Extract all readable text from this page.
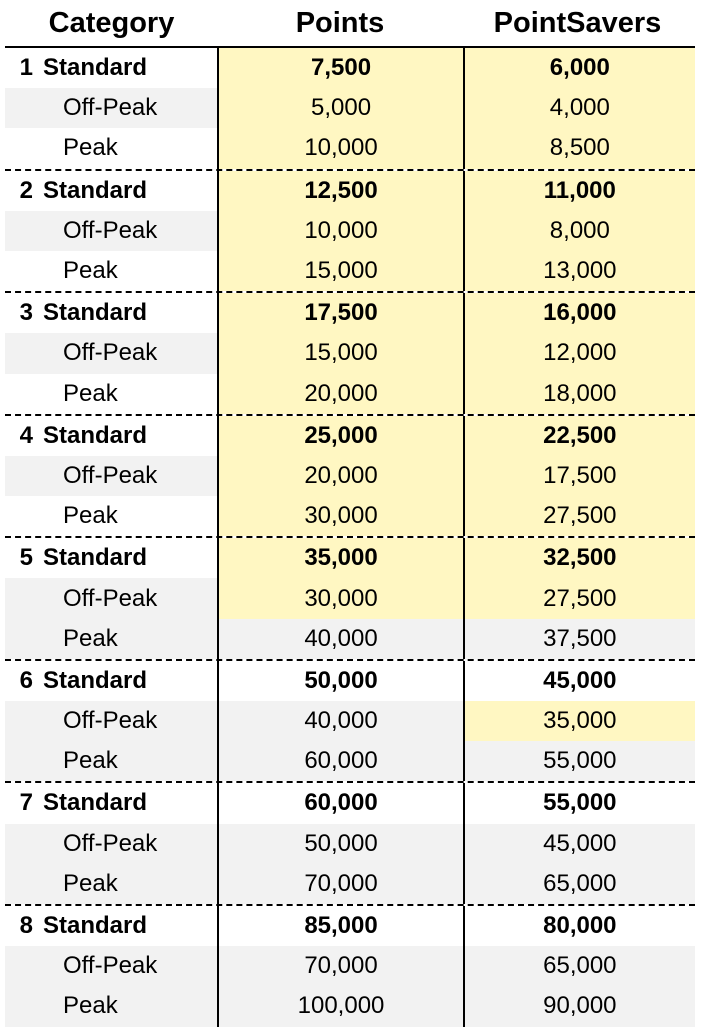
Category	Points	PointSavers
1 Standard	7,500	6,000
Off-Peak	5,000	4,000
Peak	10,000	8,500
2 Standard	12,500	11,000
Off-Peak	10,000	8,000
Peak	15,000	13,000
3 Standard	17,500	16,000
Off-Peak	15,000	12,000
Peak	20,000	18,000
4 Standard	25,000	22,500
Off-Peak	20,000	17,500
Peak	30,000	27,500
5 Standard	35,000	32,500
Off-Peak	30,000	27,500
Peak	40,000	37,500
6 Standard	50,000	45,000
Off-Peak	40,000	35,000
Peak	60,000	55,000
7 Standard	60,000	55,000
Off-Peak	50,000	45,000
Peak	70,000	65,000
8 Standard	85,000	80,000
Off-Peak	70,000	65,000
Peak	100,000	90,000
